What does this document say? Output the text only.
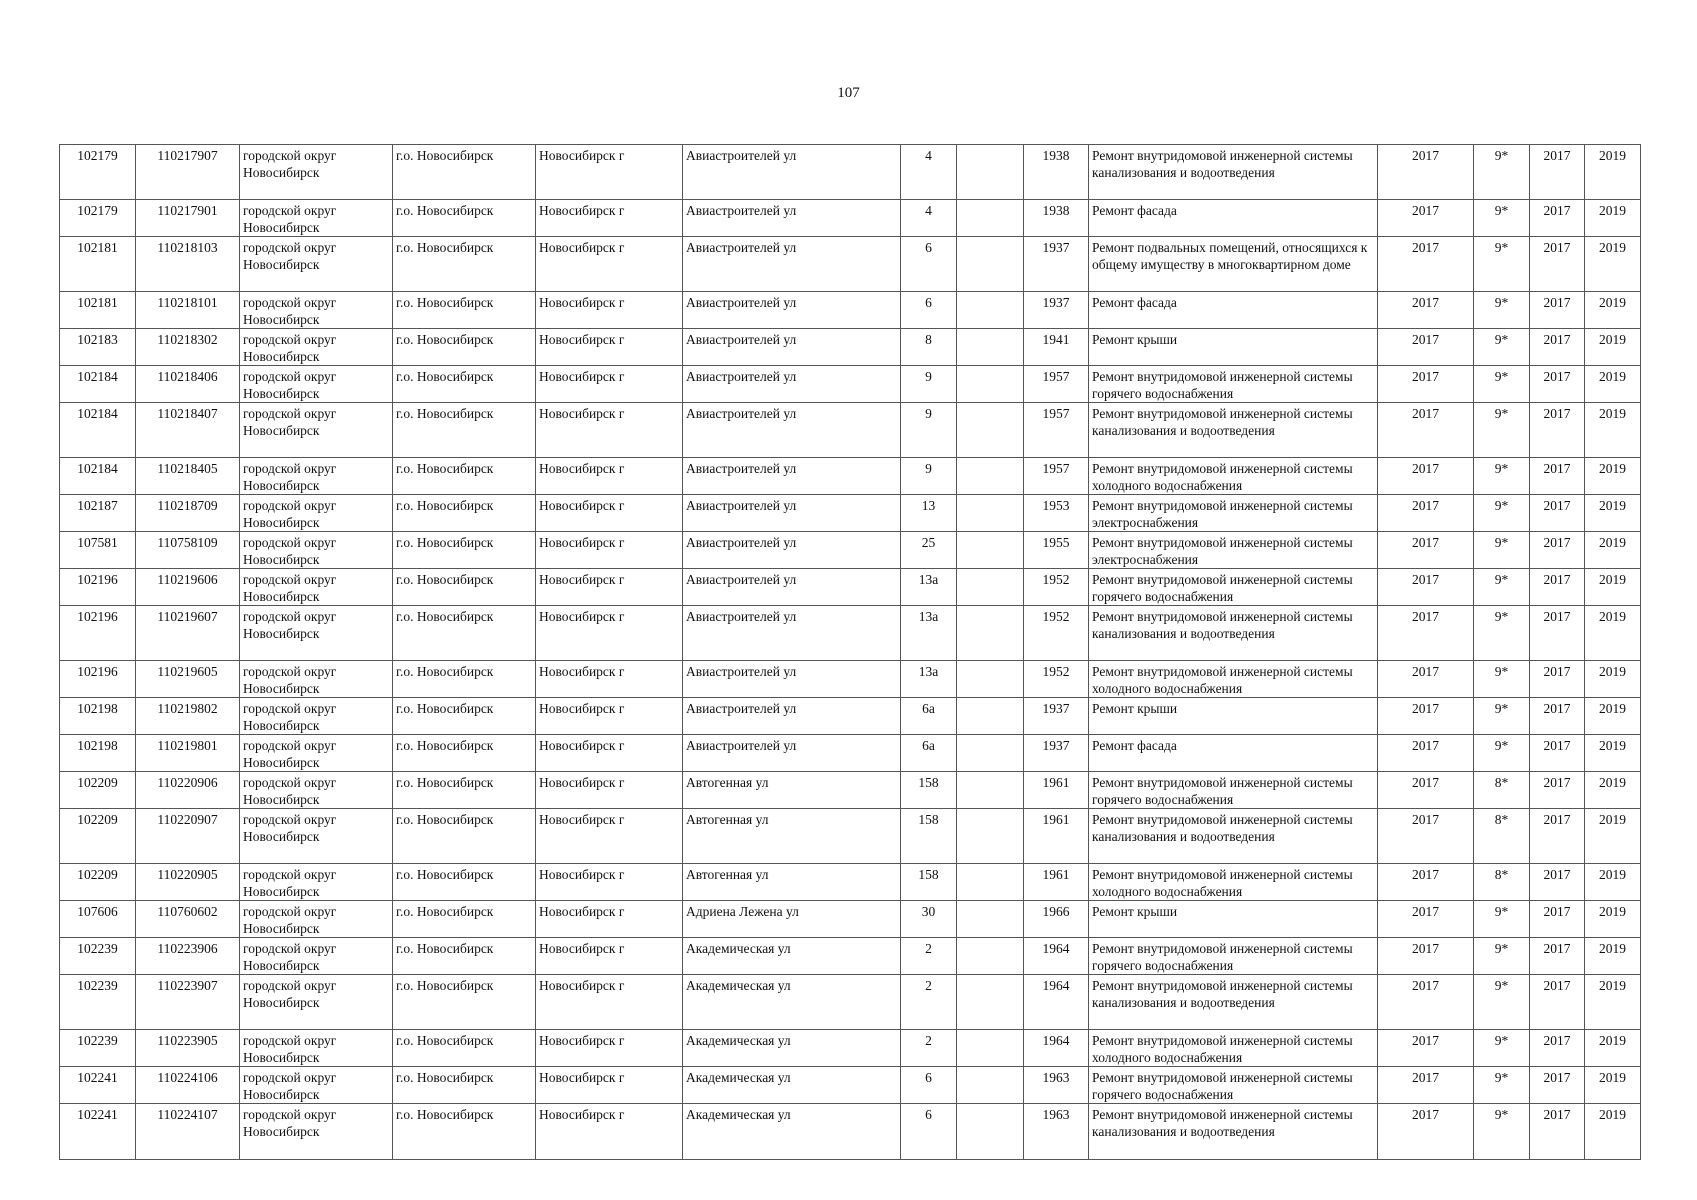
107
102179	110217907	городской округ Новосибирск	г.о. Новосибирск	Новосибирск г	Авиастроителей ул	4		1938	Ремонт внутридомовой инженерной системы канализования и водоотведения	2017	9*	2017	2019
102179	110217901	городской округ Новосибирск	г.о. Новосибирск	Новосибирск г	Авиастроителей ул	4		1938	Ремонт фасада	2017	9*	2017	2019
102181	110218103	городской округ Новосибирск	г.о. Новосибирск	Новосибирск г	Авиастроителей ул	6		1937	Ремонт подвальных помещений, относящихся к общему имуществу в многоквартирном доме	2017	9*	2017	2019
102181	110218101	городской округ Новосибирск	г.о. Новосибирск	Новосибирск г	Авиастроителей ул	6		1937	Ремонт фасада	2017	9*	2017	2019
102183	110218302	городской округ Новосибирск	г.о. Новосибирск	Новосибирск г	Авиастроителей ул	8		1941	Ремонт крыши	2017	9*	2017	2019
102184	110218406	городской округ Новосибирск	г.о. Новосибирск	Новосибирск г	Авиастроителей ул	9		1957	Ремонт внутридомовой инженерной системы горячего водоснабжения	2017	9*	2017	2019
102184	110218407	городской округ Новосибирск	г.о. Новосибирск	Новосибирск г	Авиастроителей ул	9		1957	Ремонт внутридомовой инженерной системы канализования и водоотведения	2017	9*	2017	2019
102184	110218405	городской округ Новосибирск	г.о. Новосибирск	Новосибирск г	Авиастроителей ул	9		1957	Ремонт внутридомовой инженерной системы холодного водоснабжения	2017	9*	2017	2019
102187	110218709	городской округ Новосибирск	г.о. Новосибирск	Новосибирск г	Авиастроителей ул	13		1953	Ремонт внутридомовой инженерной системы электроснабжения	2017	9*	2017	2019
107581	110758109	городской округ Новосибирск	г.о. Новосибирск	Новосибирск г	Авиастроителей ул	25		1955	Ремонт внутридомовой инженерной системы электроснабжения	2017	9*	2017	2019
102196	110219606	городской округ Новосибирск	г.о. Новосибирск	Новосибирск г	Авиастроителей ул	13а		1952	Ремонт внутридомовой инженерной системы горячего водоснабжения	2017	9*	2017	2019
102196	110219607	городской округ Новосибирск	г.о. Новосибирск	Новосибирск г	Авиастроителей ул	13а		1952	Ремонт внутридомовой инженерной системы канализования и водоотведения	2017	9*	2017	2019
102196	110219605	городской округ Новосибирск	г.о. Новосибирск	Новосибирск г	Авиастроителей ул	13а		1952	Ремонт внутридомовой инженерной системы холодного водоснабжения	2017	9*	2017	2019
102198	110219802	городской округ Новосибирск	г.о. Новосибирск	Новосибирск г	Авиастроителей ул	6а		1937	Ремонт крыши	2017	9*	2017	2019
102198	110219801	городской округ Новосибирск	г.о. Новосибирск	Новосибирск г	Авиастроителей ул	6а		1937	Ремонт фасада	2017	9*	2017	2019
102209	110220906	городской округ Новосибирск	г.о. Новосибирск	Новосибирск г	Автогенная ул	158		1961	Ремонт внутридомовой инженерной системы горячего водоснабжения	2017	8*	2017	2019
102209	110220907	городской округ Новосибирск	г.о. Новосибирск	Новосибирск г	Автогенная ул	158		1961	Ремонт внутридомовой инженерной системы канализования и водоотведения	2017	8*	2017	2019
102209	110220905	городской округ Новосибирск	г.о. Новосибирск	Новосибирск г	Автогенная ул	158		1961	Ремонт внутридомовой инженерной системы холодного водоснабжения	2017	8*	2017	2019
107606	110760602	городской округ Новосибирск	г.о. Новосибирск	Новосибирск г	Адриена Лежена ул	30		1966	Ремонт крыши	2017	9*	2017	2019
102239	110223906	городской округ Новосибирск	г.о. Новосибирск	Новосибирск г	Академическая ул	2		1964	Ремонт внутридомовой инженерной системы горячего водоснабжения	2017	9*	2017	2019
102239	110223907	городской округ Новосибирск	г.о. Новосибирск	Новосибирск г	Академическая ул	2		1964	Ремонт внутридомовой инженерной системы канализования и водоотведения	2017	9*	2017	2019
102239	110223905	городской округ Новосибирск	г.о. Новосибирск	Новосибирск г	Академическая ул	2		1964	Ремонт внутридомовой инженерной системы холодного водоснабжения	2017	9*	2017	2019
102241	110224106	городской округ Новосибирск	г.о. Новосибирск	Новосибирск г	Академическая ул	6		1963	Ремонт внутридомовой инженерной системы горячего водоснабжения	2017	9*	2017	2019
102241	110224107	городской округ Новосибирск	г.о. Новосибирск	Новосибирск г	Академическая ул	6		1963	Ремонт внутридомовой инженерной системы канализования и водоотведения	2017	9*	2017	2019
